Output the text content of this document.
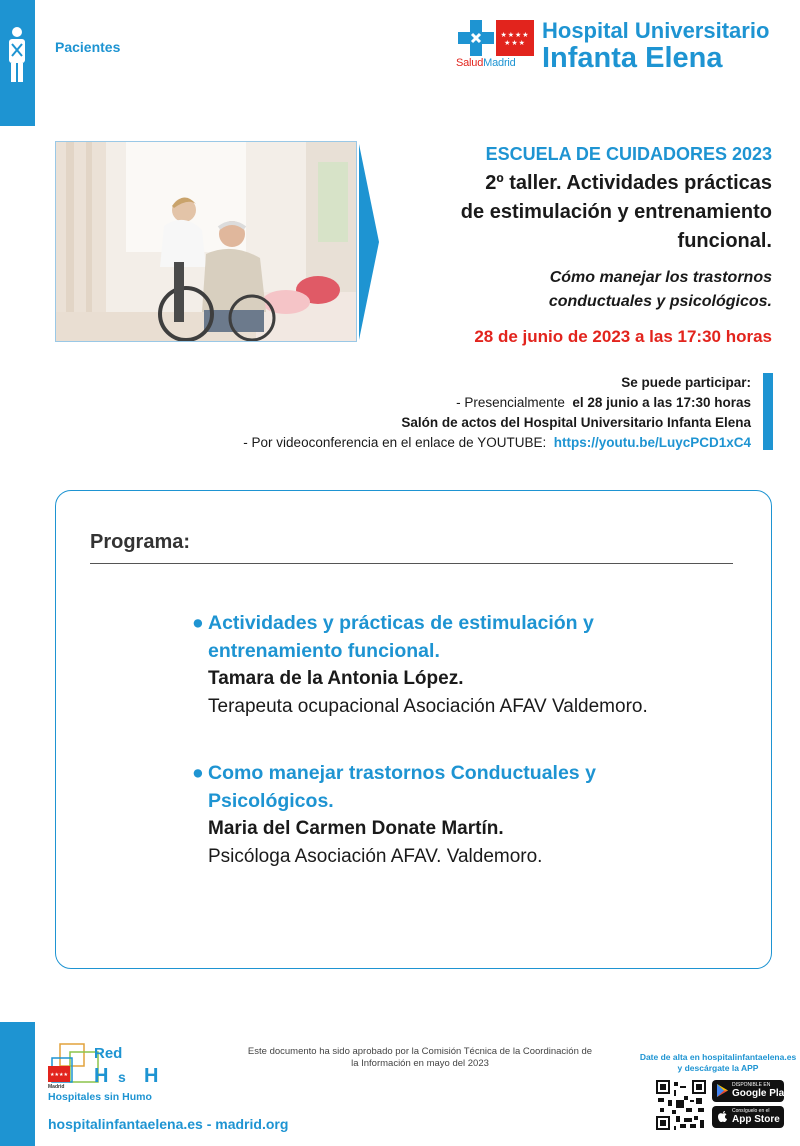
Pacientes
★★★★
★★★
SaludMadrid
Hospital Universitario
Infanta Elena
ESCUELA DE CUIDADORES 2023
2º taller. Actividades prácticas
de estimulación y entrenamiento
funcional.
Cómo manejar los trastornos
conductuales y psicológicos.
28 de junio de 2023 a las 17:30 horas
Se puede participar:
- Presencialmente  el 28 junio a las 17:30 horas
Salón de actos del Hospital Universitario Infanta Elena
- Por videoconferencia en el enlace de YOUTUBE:  https://youtu.be/LuycPCD1xC4
Programa:
● Actividades y prácticas de estimulación y
entrenamiento funcional.
Tamara de la Antonia López.
Terapeuta ocupacional Asociación AFAV Valdemoro.
● Como manejar trastornos Conductuales y
Psicológicos.
Maria del Carmen Donate Martín.
Psicóloga Asociación AFAV. Valdemoro.
★★★★
Red
H s H
Madrid
Hospitales sin Humo
hospitalinfantaelena.es - madrid.org
Este documento ha sido aprobado por la Comisión Técnica de la Coordinación de
la Información en mayo del 2023
Date de alta en hospitalinfantaelena.es
y descárgate la APP
DISPONIBLE EN
Google Play
Consíguelo en el
App Store
